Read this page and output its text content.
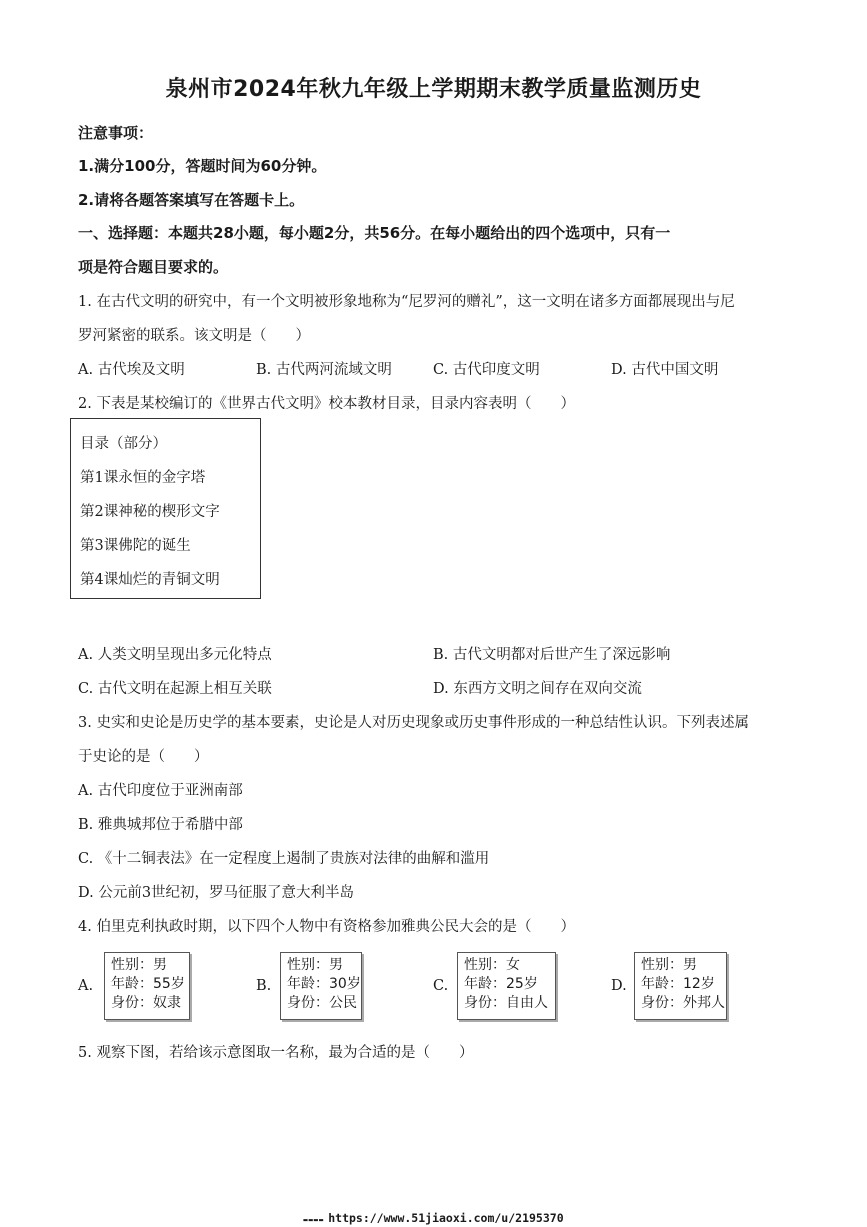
泉州市2024年秋九年级上学期期末教学质量监测历史
注意事项：
1.满分100分，答题时间为60分钟。
2.请将各题答案填写在答题卡上。
一、选择题：本题共28小题，每小题2分，共56分。在每小题给出的四个选项中，只有一
项是符合题目要求的。
1. 在古代文明的研究中，有一个文明被形象地称为“尼罗河的赠礼”，这一文明在诸多方面都展现出与尼
罗河紧密的联系。该文明是（　　）
A. 古代埃及文明	B. 古代两河流域文明	C. 古代印度文明	D. 古代中国文明
2. 下表是某校编订的《世界古代文明》校本教材目录，目录内容表明（　　）
目录（部分）
第1课永恒的金字塔
第2课神秘的楔形文字
第3课佛陀的诞生
第4课灿烂的青铜文明
A. 人类文明呈现出多元化特点	B. 古代文明都对后世产生了深远影响
C. 古代文明在起源上相互关联	D. 东西方文明之间存在双向交流
3. 史实和史论是历史学的基本要素，史论是人对历史现象或历史事件形成的一种总结性认识。下列表述属
于史论的是（　　）
A. 古代印度位于亚洲南部
B. 雅典城邦位于希腊中部
C. 《十二铜表法》在一定程度上遏制了贵族对法律的曲解和滥用
D. 公元前3世纪初，罗马征服了意大利半岛
4. 伯里克利执政时期，以下四个人物中有资格参加雅典公民大会的是（　　）
A.
性别：男
年龄：55岁
身份：奴隶
B.
性别：男
年龄：30岁
身份：公民
C.
性别：女
年龄：25岁
身份：自由人
D.
性别：男
年龄：12岁
身份：外邦人
5. 观察下图，若给该示意图取一名称，最为合适的是（　　）
▬▬▬▬ https://www.51jiaoxi.com/u/2195370
